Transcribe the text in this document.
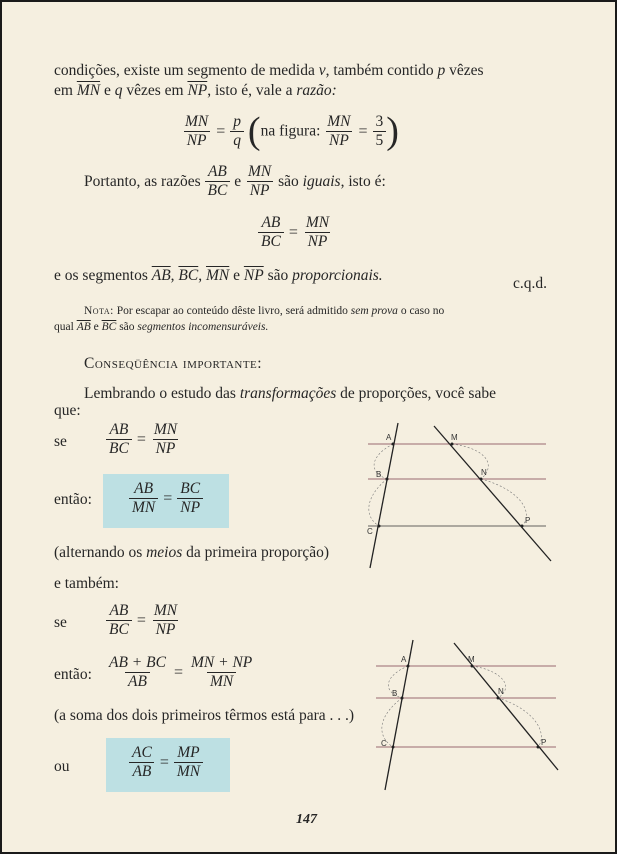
condições, existe um segmento de medida v, também contido p vêzes
em $\overline{MN}$ e q vêzes em $\overline{NP}$, isto é, vale a razão:
$\frac{MN}{NP} = \frac{p}{q} (na$ figura: $\frac{MN}{NP} = \frac{3}{5}$ )
Portanto, as razões $\frac{AB}{BC}$ e $\frac{MN}{NP}$ são iguais, isto é:
$\frac{AB}{BC} = \frac{MN}{NP}$
e os segmentos $\overline{AB}$, $\overline{BC}$, $\overline{MN}$ e $\overline{NP}$ são proporcionais.	c.q.d.
Nota: Por escapar ao conteúdo dêste livro, será admitido sem prova o caso no
qual $\overline{AB}$ e $\overline{BC}$ são segmentos incomensuráveis.
Conseqüência importante:
Lembrando o estudo das transformações de proporções, você sabe
que:
se	$\frac{AB}{BC} = \frac{MN}{NP}$
então: $\frac{AB}{MN} = \frac{BC}{NP}$
(alternando os meios da primeira proporção)
e também:
se	$\frac{AB}{BC} = \frac{MN}{NP}$
então: $\frac{AB + BC}{AB} = \frac{MN + NP}{MN}$
(a soma dos dois primeiros têrmos está para . . .)
ou	$\frac{AC}{AB} = \frac{MP}{MN}$
A
B
C
M
N
P
A
B
C
M
N
P
147
